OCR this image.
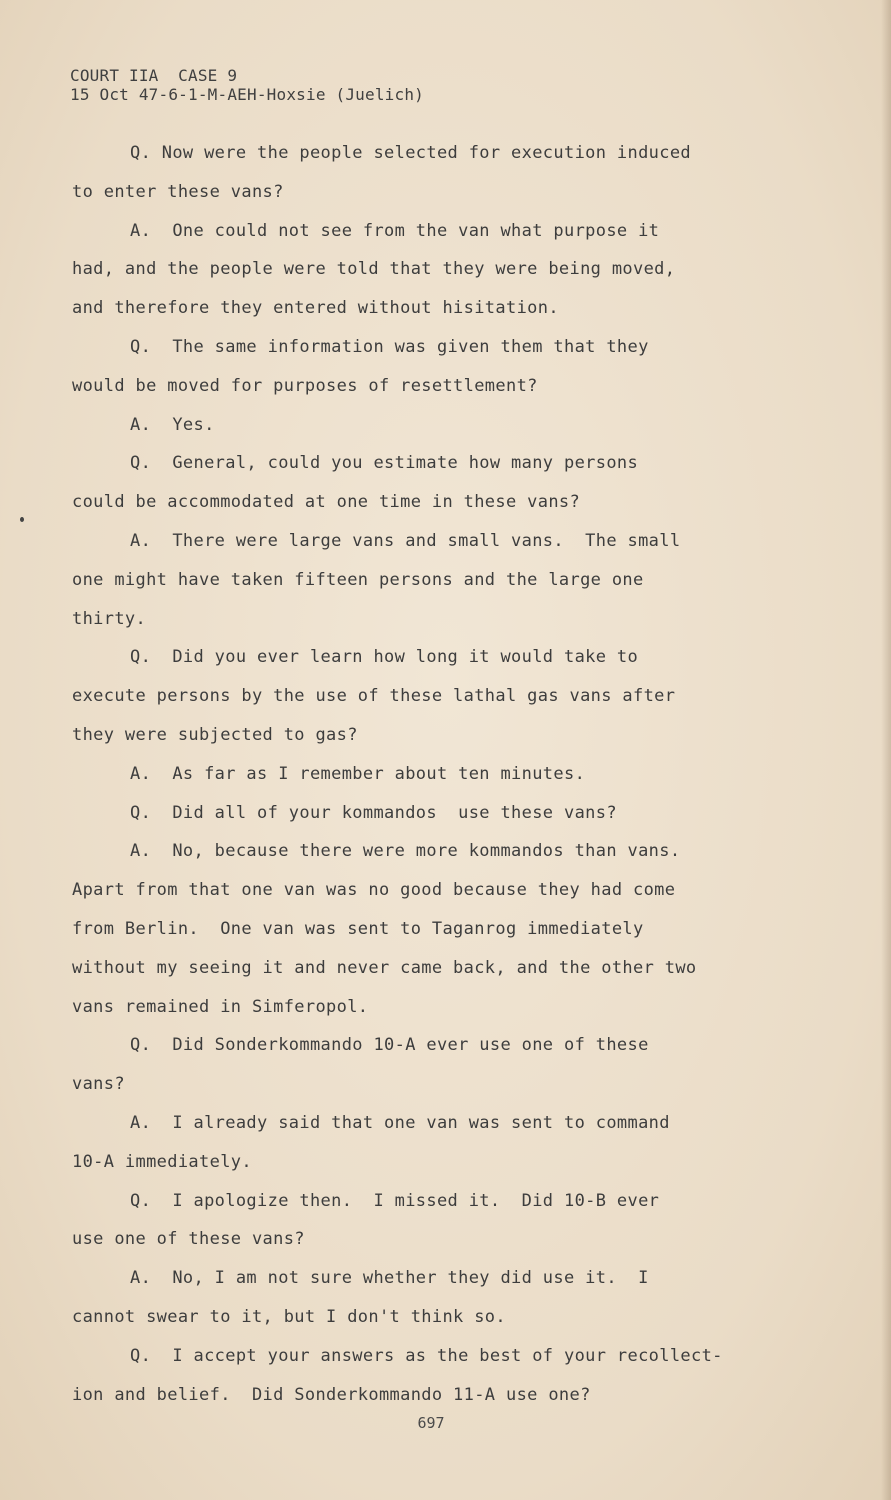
COURT IIA  CASE 9
15 Oct 47-6-1-M-AEH-Hoxsie (Juelich)
Q. Now were the people selected for execution induced
to enter these vans?
A.  One could not see from the van what purpose it
had, and the people were told that they were being moved,
and therefore they entered without hisitation.
Q.  The same information was given them that they
would be moved for purposes of resettlement?
A.  Yes.
Q.  General, could you estimate how many persons
could be accommodated at one time in these vans?
A.  There were large vans and small vans.  The small
one might have taken fifteen persons and the large one
thirty.
Q.  Did you ever learn how long it would take to
execute persons by the use of these lathal gas vans after
they were subjected to gas?
A.  As far as I remember about ten minutes.
Q.  Did all of your kommandos  use these vans?
A.  No, because there were more kommandos than vans.
Apart from that one van was no good because they had come
from Berlin.  One van was sent to Taganrog immediately
without my seeing it and never came back, and the other two
vans remained in Simferopol.
Q.  Did Sonderkommando 10-A ever use one of these
vans?
A.  I already said that one van was sent to command
10-A immediately.
Q.  I apologize then.  I missed it.  Did 10-B ever
use one of these vans?
A.  No, I am not sure whether they did use it.  I
cannot swear to it, but I don't think so.
Q.  I accept your answers as the best of your recollect-
ion and belief.  Did Sonderkommando 11-A use one?
697
